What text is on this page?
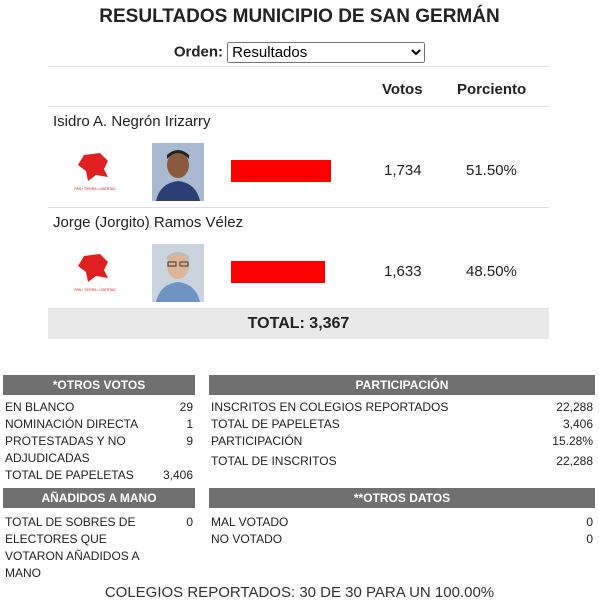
RESULTADOS MUNICIPIO DE SAN GERMÁN
Orden:
Resultados
Votos Porciento
Isidro A. Negrón Irizarry
PAN • TIERRA • LIBERTAD
1,734	51.50%
Jorge (Jorgito) Ramos Vélez
PAN • TIERRA • LIBERTAD
1,633	48.50%
TOTAL: 3,367
*OTROS VOTOS
EN BLANCO	29
NOMINACIÓN DIRECTA	1
PROTESTADAS Y NO ADJUDICADAS
9
TOTAL DE PAPELETAS 3,406
PARTICIPACIÓN
INSCRITOS EN COLEGIOS REPORTADOS	22,288
TOTAL DE PAPELETAS	3,406
PARTICIPACIÓN	15.28%
TOTAL DE INSCRITOS	22,288
AÑADIDOS A MANO
TOTAL DE SOBRES DE ELECTORES QUE VOTARON AÑADIDOS A MANO
0
**OTROS DATOS
MAL VOTADO	0
NO VOTADO	0
COLEGIOS REPORTADOS: 30 DE 30 PARA UN 100.00%
